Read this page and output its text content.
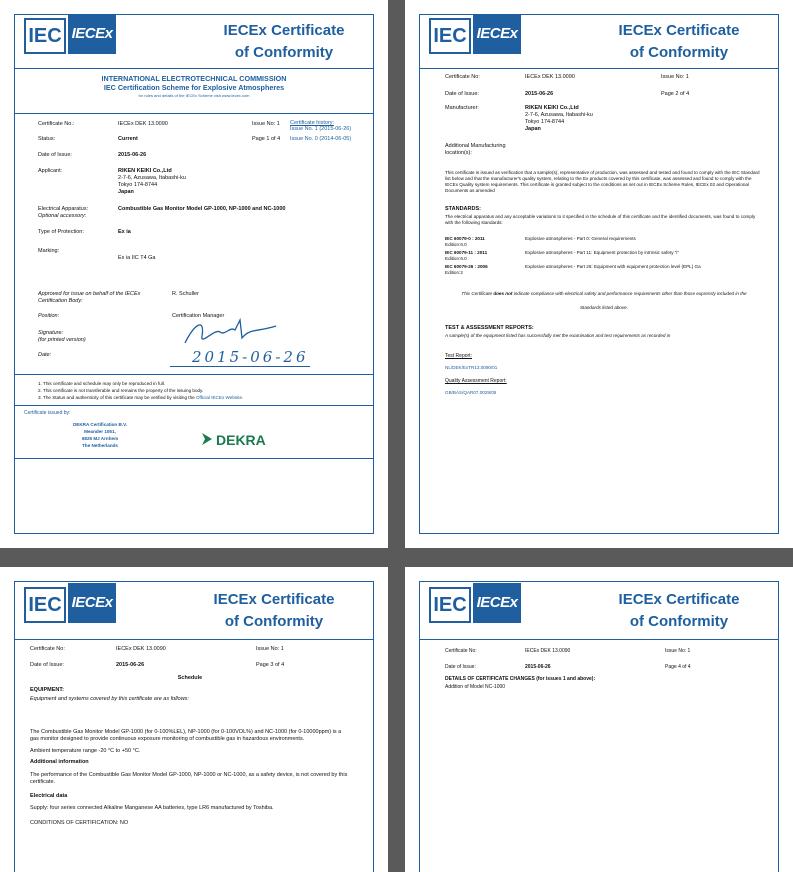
IEC IECEx	IECEx Certificate
of Conformity
INTERNATIONAL ELECTROTECHNICAL COMMISSION
IEC Certification Scheme for Explosive Atmospheres
for rules and details of the IECEx Scheme visit www.iecex.com
Certificate No.:	IECEx DEK 13.0090	Issue No: 1 Certificate history:
Issue No. 1 (2015-06-26)
Status:	Current	Page 1 of 4 Issue No. 0 (2014-06-05)
Date of Issue:	2015-06-26
Applicant:	RIKEN KEIKI Co.,Ltd
2-7-6, Azusawa, Itabashi-ku
Tokyo 174-8744
Japan
Electrical Apparatus:
Optional accessory:
Combustible Gas Monitor Model GP-1000, NP-1000 and NC-1000
Type of Protection:	Ex ia
Marking:
Ex ia IIC T4 Ga
Approved for issue on behalf of the IECEx Certification Body:
R. Schuller
Position:	Certification Manager
Signature:
(for printed version)
Date:	2015-06-26
1. This certificate and schedule may only be reproduced in full.
2. This certificate is not transferable and remains the property of the issuing body.
3. The Status and authenticity of this certificate may be verified by visiting the Official IECEx Website.
Certificate issued by:
DEKRA Certification B.V.
Meander 1051,
6825 MJ Arnhem
The Netherlands	DEKRA
IEC IECEx	IECEx Certificate
of Conformity
Certificate No:	IECEx DEK 13.0090	Issue No: 1
Date of Issue:	2015-06-26	Page 2 of 4
Manufacturer:	RIKEN KEIKI Co.,Ltd
2-7-6, Azusawa, Itabashi-ku
Tokyo 174-8744
Japan
Additional Manufacturing location(s):
This certificate is issued as verification that a sample(s), representative of production, was assessed and tested and found to comply with the IEC Standard list below and that the manufacturer's quality system, relating to the Ex products covered by this certificate, was assessed and found to comply with the IECEx Quality system requirements. This certificate is granted subject to the conditions as set out in IECEx Scheme Rules, IECEx 02 and Operational Documents as amended
STANDARDS:
The electrical apparatus and any acceptable variations to it specified in the schedule of this certificate and the identified documents, was found to comply with the following standards:
IEC 60079-0 : 2011
Edition:6.0
Explosive atmospheres - Part 0: General requirements
IEC 60079-11 : 2011
Edition:6.0
Explosive atmospheres - Part 11: Equipment protection by intrinsic safety "i"
IEC 60079-26 : 2006
Edition:2
Explosive atmospheres - Part 26: Equipment with equipment protection level (EPL) Ga
This Certificate does not indicate compliance with electrical safety and performance requirements other than those expressly included in the
Standards listed above.
TEST & ASSESSMENT REPORTS:
A sample(s) of the equipment listed has successfully met the examination and test requirements as recorded in
Test Report:
NL/DEK/ExTR13.0090/01
Quality Assessment Report:
GB/BAS/QAR07.0029/05
IEC IECEx	IECEx Certificate
of Conformity
Certificate No:	IECEx DEK 13.0090	Issue No: 1
Date of Issue:	2015-06-26	Page 3 of 4
Schedule
EQUIPMENT:
Equipment and systems covered by this certificate are as follows:
The Combustible Gas Monitor Model GP-1000 (for 0-100%LEL), NP-1000 (for 0-100VOL%) and NC-1000 (for 0-10000ppm) is a gas monitor designed to provide continuous exposure monitoring of combustible gas in hazardous environments.
Ambient temperature range -20 °C to +50 °C.
Additional information
The performance of the Combustible Gas Monitor Model GP-1000, NP-1000 or NC-1000, as a safety device, is not covered by this certificate.
Electrical data
Supply: four series connected Alkaline Manganese AA batteries, type LR6 manufactured by Toshiba.
CONDITIONS OF CERTIFICATION: NO
IEC IECEx	IECEx Certificate
of Conformity
Certificate No:	IECEx DEK 13.0090	Issue No: 1
Date of Issue:	2015-06-26	Page 4 of 4
DETAILS OF CERTIFICATE CHANGES (for issues 1 and above):
Addition of Model NC-1000
